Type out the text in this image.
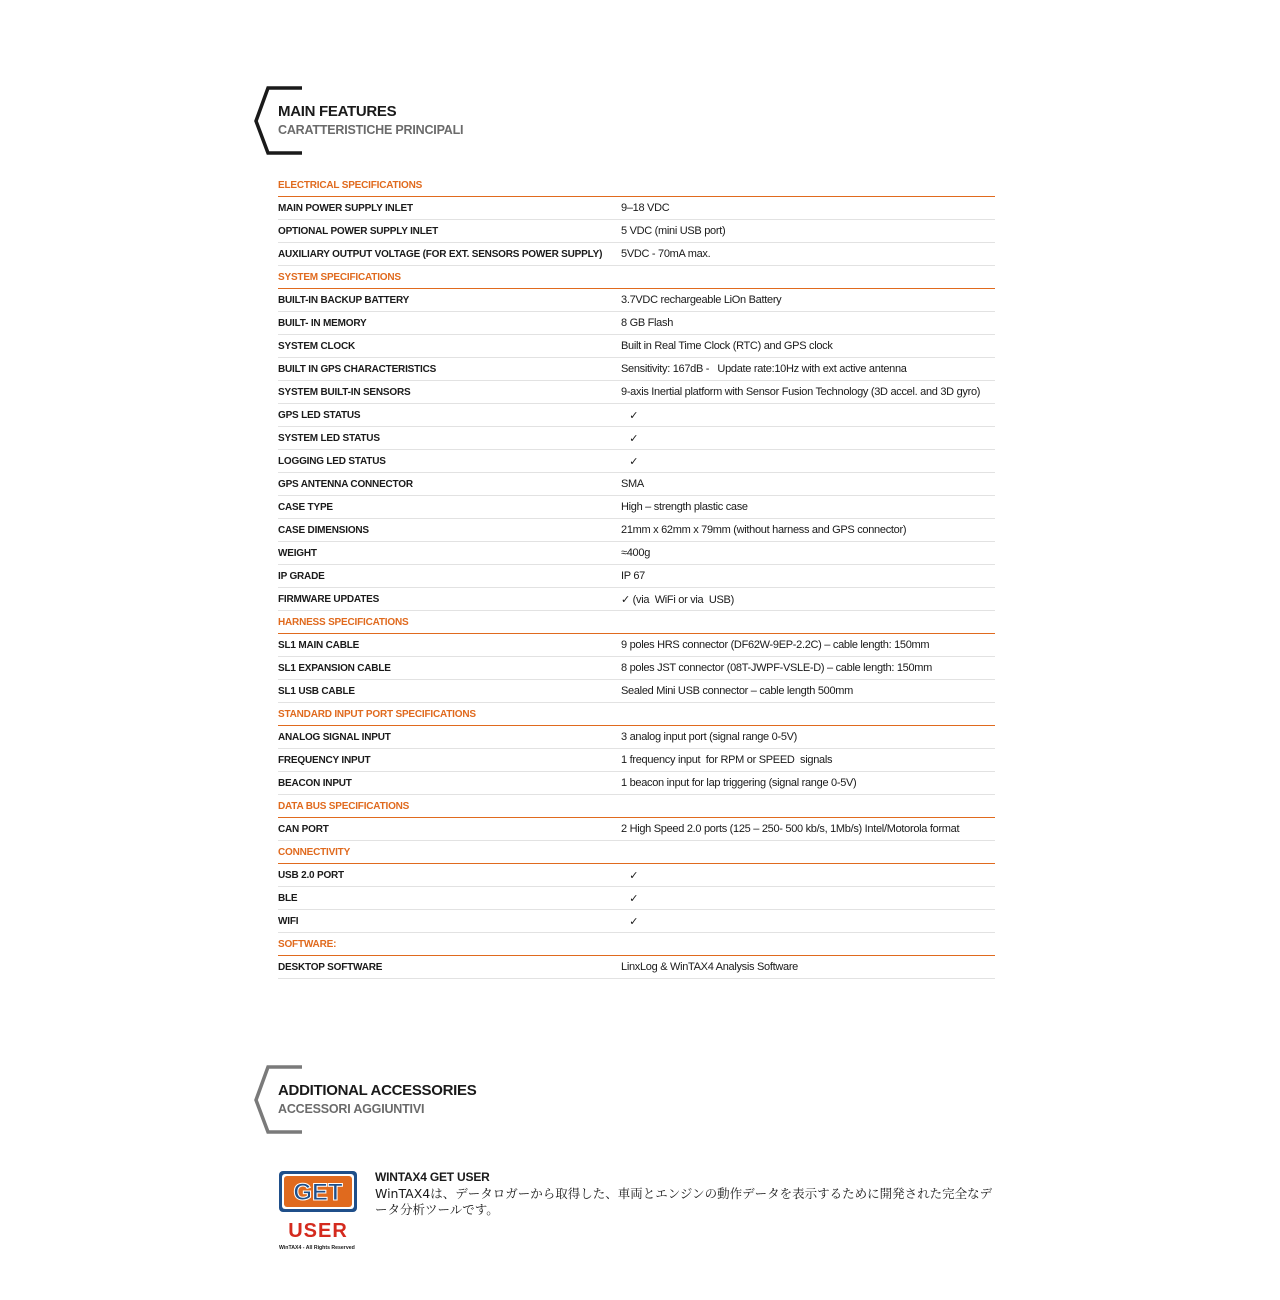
MAIN FEATURES
CARATTERISTICHE PRINCIPALI
ELECTRICAL SPECIFICATIONS
MAIN POWER SUPPLY INLET	9–18 VDC
OPTIONAL POWER SUPPLY INLET	5 VDC (mini USB port)
AUXILIARY OUTPUT VOLTAGE (FOR EXT. SENSORS POWER SUPPLY)	5VDC - 70mA max.
SYSTEM SPECIFICATIONS
BUILT-IN BACKUP BATTERY	3.7VDC rechargeable LiOn Battery
BUILT- IN MEMORY	8 GB Flash
SYSTEM CLOCK	Built in Real Time Clock (RTC) and GPS clock
BUILT IN GPS CHARACTERISTICS	Sensitivity: 167dB -   Update rate:10Hz with ext active antenna
SYSTEM BUILT-IN SENSORS	9-axis Inertial platform with Sensor Fusion Technology (3D accel. and 3D gyro)
GPS LED STATUS	✓
SYSTEM LED STATUS	✓
LOGGING LED STATUS	✓
GPS ANTENNA CONNECTOR	SMA
CASE TYPE	High – strength plastic case
CASE DIMENSIONS	21mm x 62mm x 79mm (without harness and GPS connector)
WEIGHT	≈400g
IP GRADE	IP 67
FIRMWARE UPDATES	✓ (via  WiFi or via  USB)
HARNESS SPECIFICATIONS
SL1 MAIN CABLE	9 poles HRS connector (DF62W-9EP-2.2C) – cable length: 150mm
SL1 EXPANSION CABLE	8 poles JST connector (08T-JWPF-VSLE-D) – cable length: 150mm
SL1 USB CABLE	Sealed Mini USB connector – cable length 500mm
STANDARD INPUT PORT SPECIFICATIONS
ANALOG SIGNAL INPUT	3 analog input port (signal range 0-5V)
FREQUENCY INPUT	1 frequency input  for RPM or SPEED  signals
BEACON INPUT	1 beacon input for lap triggering (signal range 0-5V)
DATA BUS SPECIFICATIONS
CAN PORT	2 High Speed 2.0 ports (125 – 250- 500 kb/s, 1Mb/s) Intel/Motorola format
CONNECTIVITY
USB 2.0 PORT	✓
BLE	✓
WIFI	✓
SOFTWARE:
DESKTOP SOFTWARE	LinxLog & WinTAX4 Analysis Software
ADDITIONAL ACCESSORIES
ACCESSORI AGGIUNTIVI
GET
USER
WinTAX4 - All Rights Reserved
WINTAX4 GET USER
WinTAX4は、データロガーから取得した、車両とエンジンの動作データを表示するために開発された完全なデータ分析ツールです。
